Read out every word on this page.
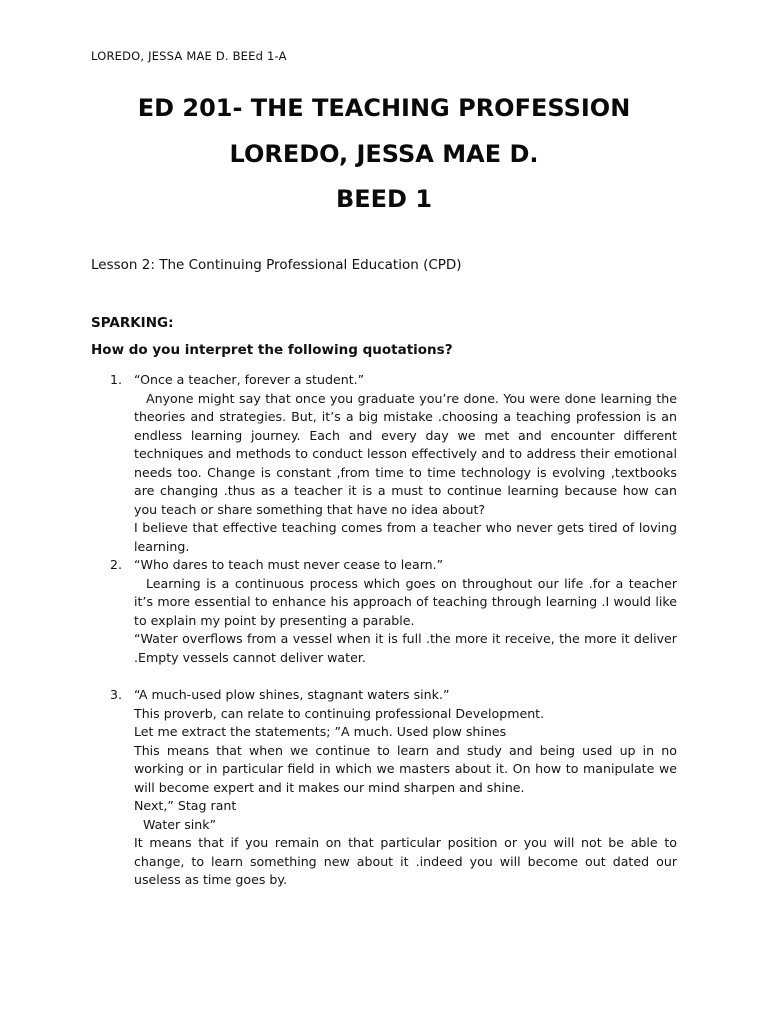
LOREDO, JESSA MAE D. BEEd 1-A
ED 201- THE TEACHING PROFESSION
LOREDO, JESSA MAE D.
BEED 1
Lesson 2: The Continuing Professional Education (CPD)
SPARKING:
How do you interpret the following quotations?
1. “Once a teacher, forever a student.”

Anyone might say that once you graduate you’re done. You were done learning the theories and strategies. But, it’s a big mistake .choosing a teaching profession is an endless learning journey. Each and every day we met and encounter different techniques and methods to conduct lesson effectively and to address their emotional needs too. Change is constant ,from time to time technology is evolving ,textbooks are changing .thus as a teacher it is a must to continue learning because how can you teach or share something that have no idea about?

I believe that effective teaching comes from a teacher who never gets tired of loving learning.

2. “Who dares to teach must never cease to learn.”

Learning is a continuous process which goes on throughout our life .for a teacher it’s more essential to enhance his approach of teaching through learning .I would like to explain my point by presenting a parable.

“Water overflows from a vessel when it is full .the more it receive, the more it deliver .Empty vessels cannot deliver water.

3. “A much-used plow shines, stagnant waters sink.”

This proverb, can relate to continuing professional Development.

Let me extract the statements; ”A much. Used plow shines

This means that when we continue to learn and study and being used up in no working or in particular field in which we masters about it. On how to manipulate we will become expert and it makes our mind sharpen and shine.

Next,” Stag rant

Water sink”

It means that if you remain on that particular position or you will not be able to change, to learn something new about it .indeed you will become out dated our useless as time goes by.
